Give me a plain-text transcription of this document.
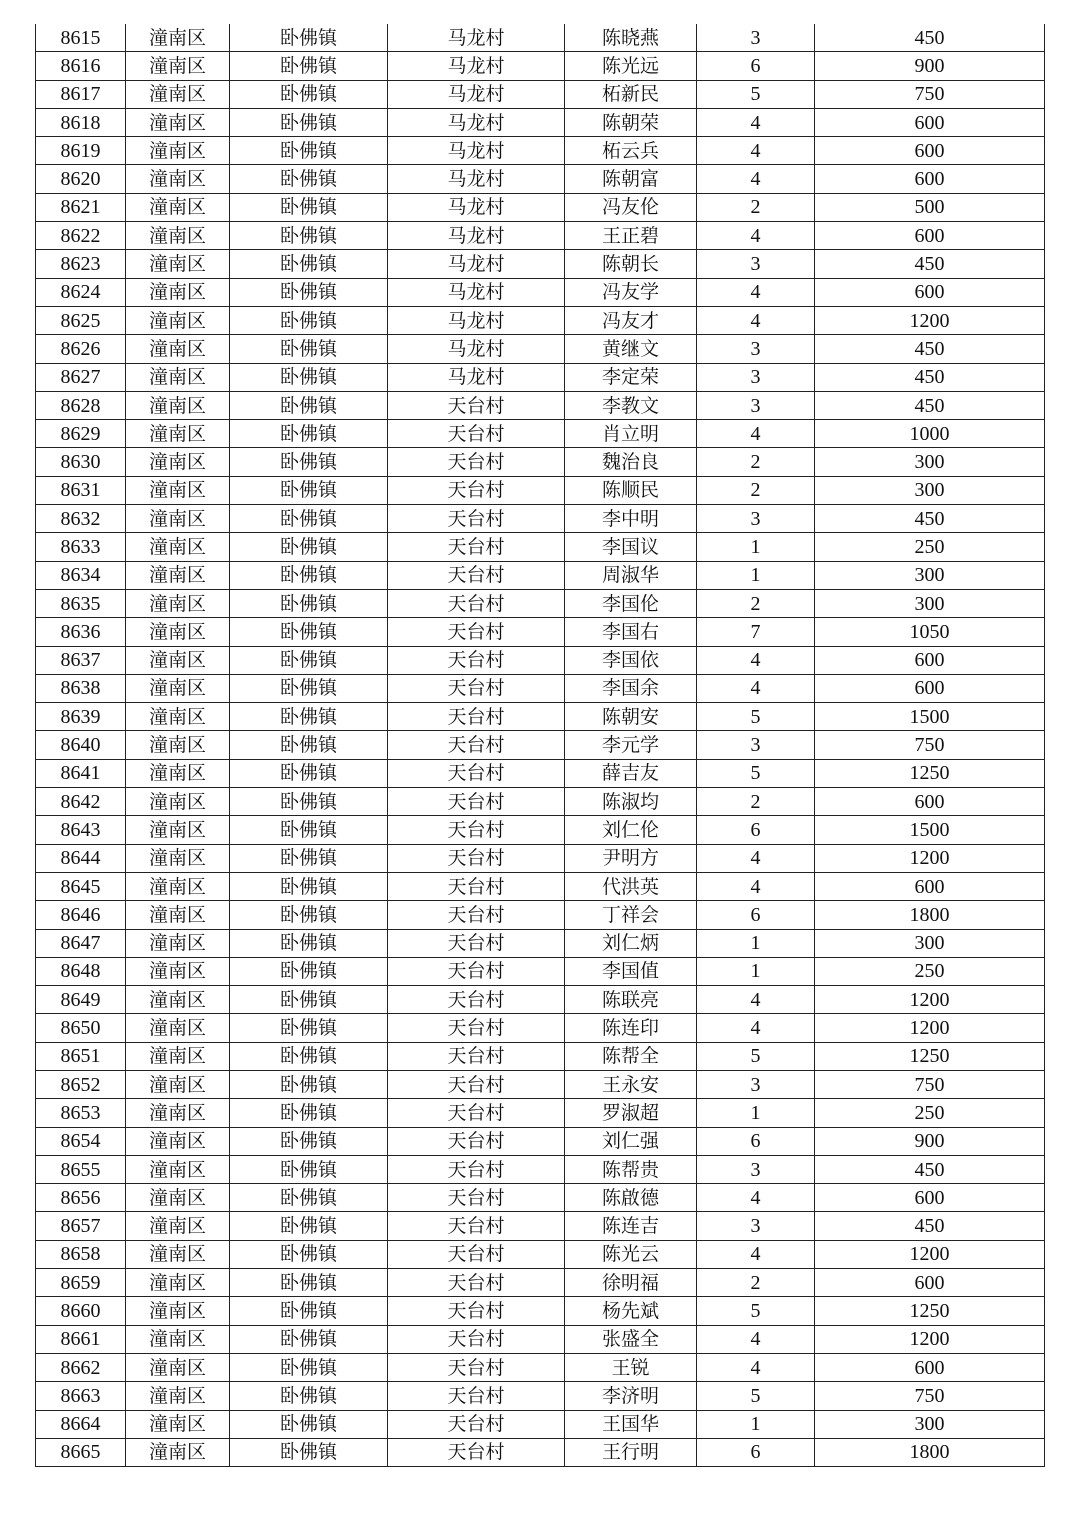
8615	潼南区	卧佛镇	马龙村	陈晓燕	3	450
8616	潼南区	卧佛镇	马龙村	陈光远	6	900
8617	潼南区	卧佛镇	马龙村	柘新民	5	750
8618	潼南区	卧佛镇	马龙村	陈朝荣	4	600
8619	潼南区	卧佛镇	马龙村	柘云兵	4	600
8620	潼南区	卧佛镇	马龙村	陈朝富	4	600
8621	潼南区	卧佛镇	马龙村	冯友伦	2	500
8622	潼南区	卧佛镇	马龙村	王正碧	4	600
8623	潼南区	卧佛镇	马龙村	陈朝长	3	450
8624	潼南区	卧佛镇	马龙村	冯友学	4	600
8625	潼南区	卧佛镇	马龙村	冯友才	4	1200
8626	潼南区	卧佛镇	马龙村	黄继文	3	450
8627	潼南区	卧佛镇	马龙村	李定荣	3	450
8628	潼南区	卧佛镇	天台村	李教文	3	450
8629	潼南区	卧佛镇	天台村	肖立明	4	1000
8630	潼南区	卧佛镇	天台村	魏治良	2	300
8631	潼南区	卧佛镇	天台村	陈顺民	2	300
8632	潼南区	卧佛镇	天台村	李中明	3	450
8633	潼南区	卧佛镇	天台村	李国议	1	250
8634	潼南区	卧佛镇	天台村	周淑华	1	300
8635	潼南区	卧佛镇	天台村	李国伦	2	300
8636	潼南区	卧佛镇	天台村	李国右	7	1050
8637	潼南区	卧佛镇	天台村	李国依	4	600
8638	潼南区	卧佛镇	天台村	李国余	4	600
8639	潼南区	卧佛镇	天台村	陈朝安	5	1500
8640	潼南区	卧佛镇	天台村	李元学	3	750
8641	潼南区	卧佛镇	天台村	薛吉友	5	1250
8642	潼南区	卧佛镇	天台村	陈淑均	2	600
8643	潼南区	卧佛镇	天台村	刘仁伦	6	1500
8644	潼南区	卧佛镇	天台村	尹明方	4	1200
8645	潼南区	卧佛镇	天台村	代洪英	4	600
8646	潼南区	卧佛镇	天台村	丁祥会	6	1800
8647	潼南区	卧佛镇	天台村	刘仁炳	1	300
8648	潼南区	卧佛镇	天台村	李国值	1	250
8649	潼南区	卧佛镇	天台村	陈联亮	4	1200
8650	潼南区	卧佛镇	天台村	陈连印	4	1200
8651	潼南区	卧佛镇	天台村	陈帮全	5	1250
8652	潼南区	卧佛镇	天台村	王永安	3	750
8653	潼南区	卧佛镇	天台村	罗淑超	1	250
8654	潼南区	卧佛镇	天台村	刘仁强	6	900
8655	潼南区	卧佛镇	天台村	陈帮贵	3	450
8656	潼南区	卧佛镇	天台村	陈啟德	4	600
8657	潼南区	卧佛镇	天台村	陈连吉	3	450
8658	潼南区	卧佛镇	天台村	陈光云	4	1200
8659	潼南区	卧佛镇	天台村	徐明福	2	600
8660	潼南区	卧佛镇	天台村	杨先斌	5	1250
8661	潼南区	卧佛镇	天台村	张盛全	4	1200
8662	潼南区	卧佛镇	天台村	王锐	4	600
8663	潼南区	卧佛镇	天台村	李济明	5	750
8664	潼南区	卧佛镇	天台村	王国华	1	300
8665	潼南区	卧佛镇	天台村	王行明	6	1800
